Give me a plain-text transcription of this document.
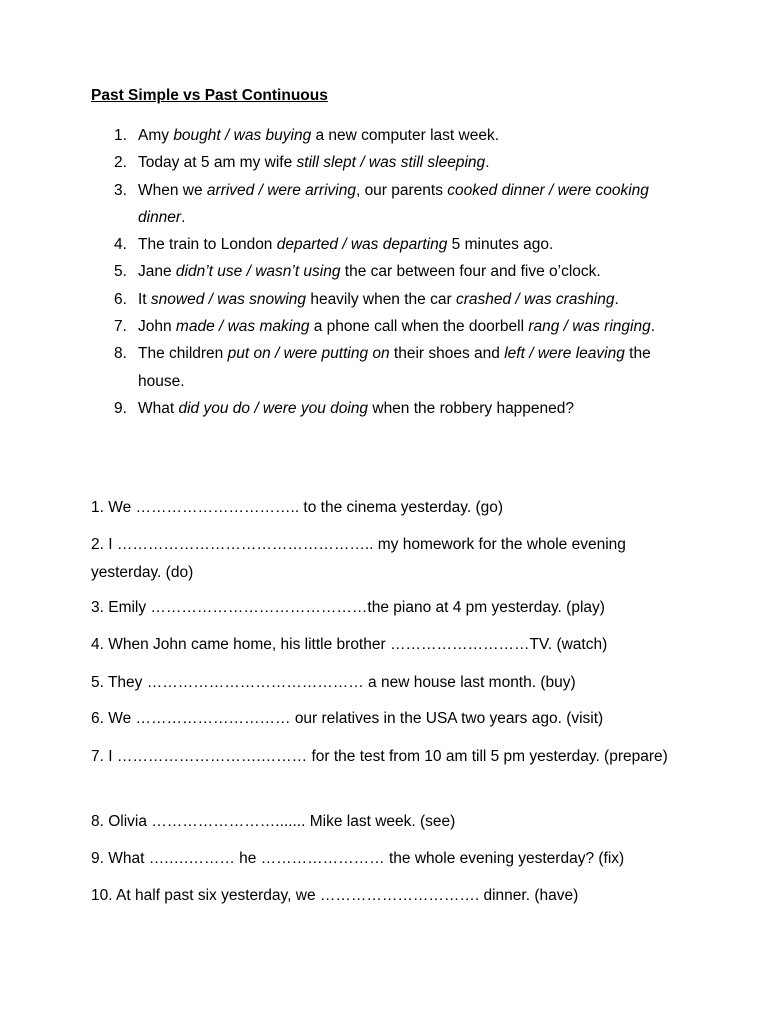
Past Simple vs Past Continuous
1. Amy bought / was buying a new computer last week.
2. Today at 5 am my wife still slept / was still sleeping.
3. When we arrived / were arriving, our parents cooked dinner / were cooking dinner.
4. The train to London departed / was departing 5 minutes ago.
5. Jane didn’t use / wasn’t using the car between four and five o’clock.
6. It snowed / was snowing heavily when the car crashed / was crashing.
7. John made / was making a phone call when the doorbell rang / was ringing.
8. The children put on / were putting on their shoes and left / were leaving the house.
9. What did you do / were you doing when the robbery happened?
1. We ………………………….. to the cinema yesterday. (go)
2. I ………………………………………….. my homework for the whole evening yesterday. (do)
3. Emily ……………………………………the piano at 4 pm yesterday. (play)
4. When John came home, his little brother ………………………TV. (watch)
5. They …………………………………… a new house last month. (buy)
6. We ………………………… our relatives in the USA two years ago. (visit)
7. I ……………………….……… for the test from 10 am till 5 pm yesterday. (prepare)
8. Olivia ……………………....... Mike last week. (see)
9. What ….….……… he …………………… the whole evening yesterday? (fix)
10. At half past six yesterday, we …………………………. dinner. (have)
